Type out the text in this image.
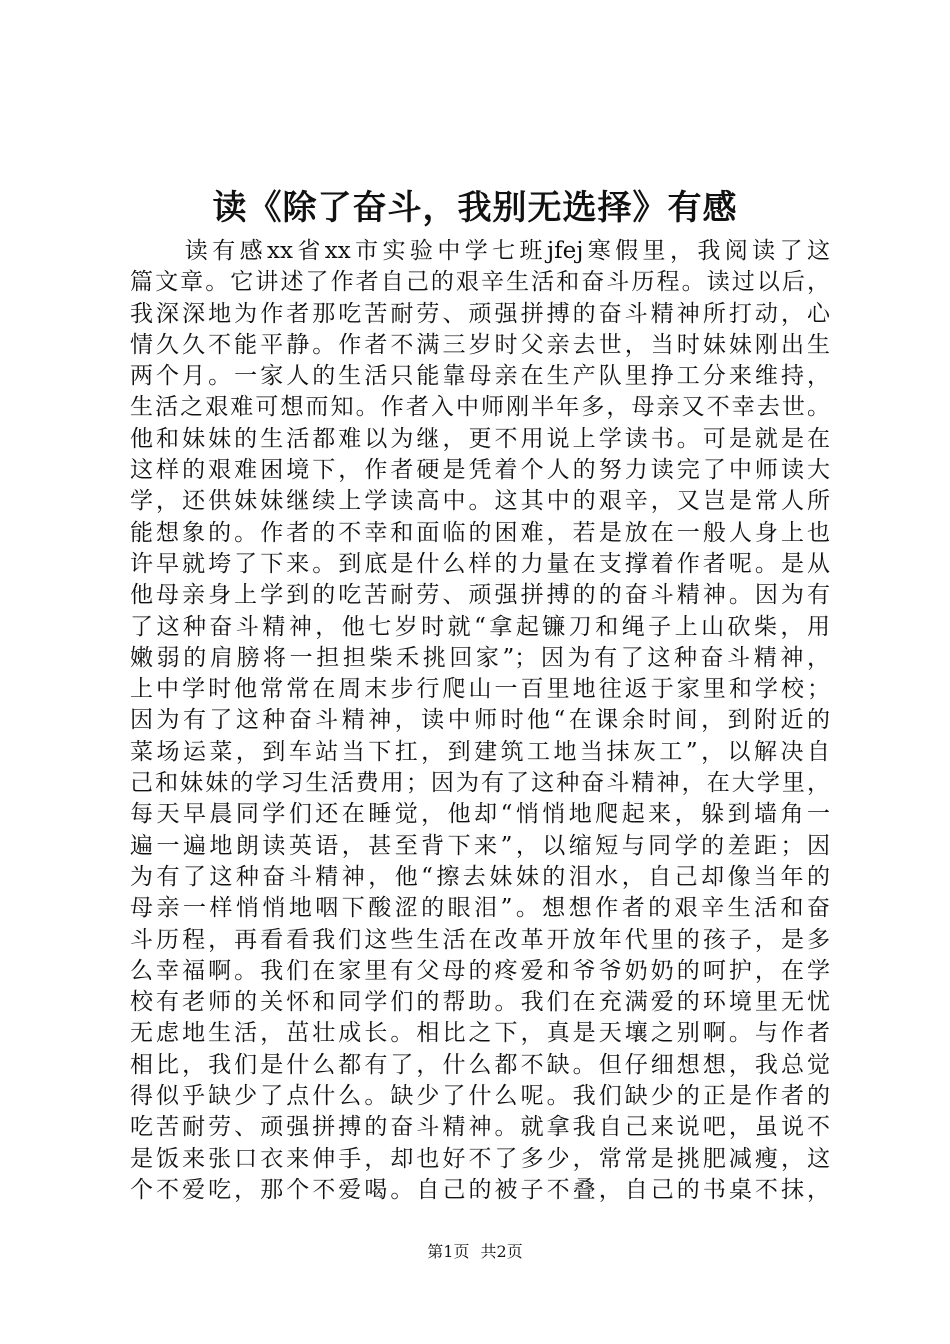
读《除了奋斗，我别无选择》有感
　　读有感xx省xx市实验中学七班jfej寒假里，我阅读了这
篇文章。它讲述了作者自己的艰辛生活和奋斗历程。读过以后，
我深深地为作者那吃苦耐劳、顽强拼搏的奋斗精神所打动，心
情久久不能平静。作者不满三岁时父亲去世，当时妹妹刚出生
两个月。一家人的生活只能靠母亲在生产队里挣工分来维持，
生活之艰难可想而知。作者入中师刚半年多，母亲又不幸去世。
他和妹妹的生活都难以为继，更不用说上学读书。可是就是在
这样的艰难困境下，作者硬是凭着个人的努力读完了中师读大
学，还供妹妹继续上学读高中。这其中的艰辛，又岂是常人所
能想象的。作者的不幸和面临的困难，若是放在一般人身上也
许早就垮了下来。到底是什么样的力量在支撑着作者呢。是从
他母亲身上学到的吃苦耐劳、顽强拼搏的的奋斗精神。因为有
了这种奋斗精神，他七岁时就“拿起镰刀和绳子上山砍柴，用
嫩弱的肩膀将一担担柴禾挑回家”；因为有了这种奋斗精神，
上中学时他常常在周末步行爬山一百里地往返于家里和学校；
因为有了这种奋斗精神，读中师时他“在课余时间，到附近的
菜场运菜，到车站当下扛，到建筑工地当抹灰工”，以解决自
己和妹妹的学习生活费用；因为有了这种奋斗精神，在大学里，
每天早晨同学们还在睡觉，他却“悄悄地爬起来，躲到墙角一
遍一遍地朗读英语，甚至背下来”，以缩短与同学的差距；因
为有了这种奋斗精神，他“擦去妹妹的泪水，自己却像当年的
母亲一样悄悄地咽下酸涩的眼泪”。想想作者的艰辛生活和奋
斗历程，再看看我们这些生活在改革开放年代里的孩子，是多
么幸福啊。我们在家里有父母的疼爱和爷爷奶奶的呵护，在学
校有老师的关怀和同学们的帮助。我们在充满爱的环境里无忧
无虑地生活，茁壮成长。相比之下，真是天壤之别啊。与作者
相比，我们是什么都有了，什么都不缺。但仔细想想，我总觉
得似乎缺少了点什么。缺少了什么呢。我们缺少的正是作者的
吃苦耐劳、顽强拼搏的奋斗精神。就拿我自己来说吧，虽说不
是饭来张口衣来伸手，却也好不了多少，常常是挑肥减瘦，这
个不爱吃，那个不爱喝。自己的被子不叠，自己的书桌不抹，
第1页 共2页
